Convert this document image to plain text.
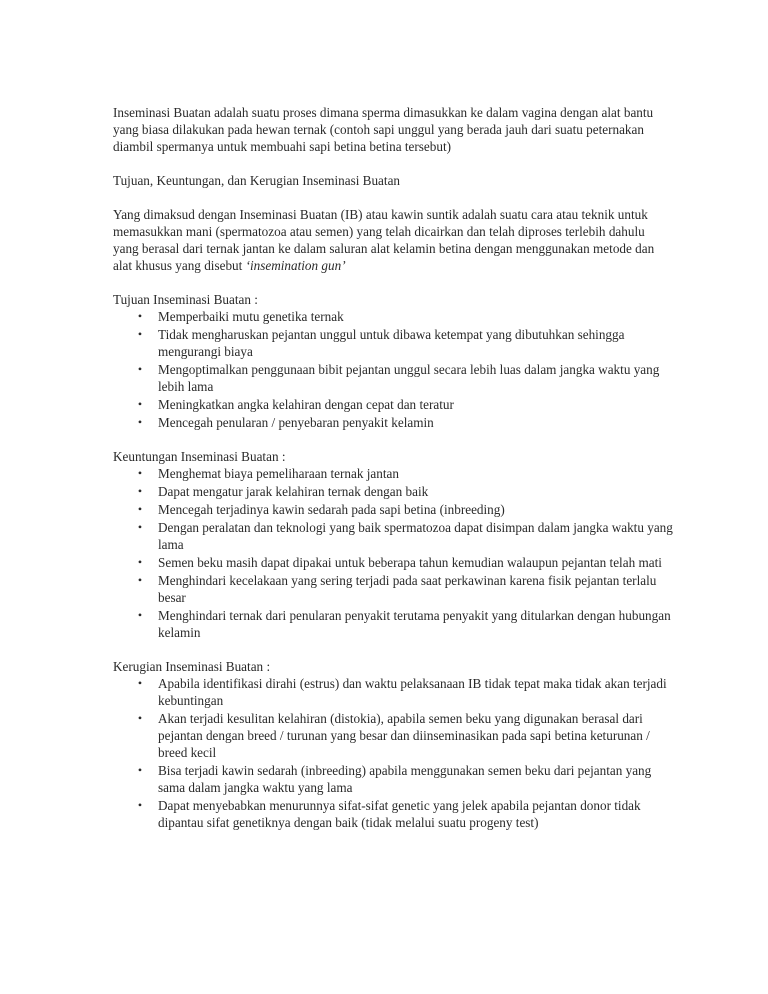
Inseminasi Buatan adalah suatu proses dimana sperma dimasukkan ke dalam vagina dengan alat bantu yang biasa dilakukan pada hewan ternak (contoh sapi unggul yang berada jauh dari suatu peternakan diambil spermanya untuk membuahi sapi betina betina tersebut)

Tujuan, Keuntungan, dan Kerugian Inseminasi Buatan

Yang dimaksud dengan Inseminasi Buatan (IB) atau kawin suntik adalah suatu cara atau teknik untuk memasukkan mani (spermatozoa atau semen) yang telah dicairkan dan telah diproses terlebih dahulu yang berasal dari ternak jantan ke dalam saluran alat kelamin betina dengan menggunakan metode dan alat khusus yang disebut ‘insemination gun’

Tujuan Inseminasi Buatan :

• Memperbaiki mutu genetika ternak
• Tidak mengharuskan pejantan unggul untuk dibawa ketempat yang dibutuhkan sehingga mengurangi biaya
• Mengoptimalkan penggunaan bibit pejantan unggul secara lebih luas dalam jangka waktu yang lebih lama
• Meningkatkan angka kelahiran dengan cepat dan teratur
• Mencegah penularan / penyebaran penyakit kelamin

Keuntungan Inseminasi Buatan :

• Menghemat biaya pemeliharaan ternak jantan
• Dapat mengatur jarak kelahiran ternak dengan baik
• Mencegah terjadinya kawin sedarah pada sapi betina (inbreeding)
• Dengan peralatan dan teknologi yang baik spermatozoa dapat disimpan dalam jangka waktu yang lama
• Semen beku masih dapat dipakai untuk beberapa tahun kemudian walaupun pejantan telah mati
• Menghindari kecelakaan yang sering terjadi pada saat perkawinan karena fisik pejantan terlalu besar
• Menghindari ternak dari penularan penyakit terutama penyakit yang ditularkan dengan hubungan kelamin

Kerugian Inseminasi Buatan :

• Apabila identifikasi dirahi (estrus) dan waktu pelaksanaan IB tidak tepat maka tidak akan terjadi kebuntingan
• Akan terjadi kesulitan kelahiran (distokia), apabila semen beku yang digunakan berasal dari pejantan dengan breed / turunan yang besar dan diinseminasikan pada sapi betina keturunan / breed kecil
• Bisa terjadi kawin sedarah (inbreeding) apabila menggunakan semen beku dari pejantan yang sama dalam jangka waktu yang lama
• Dapat menyebabkan menurunnya sifat-sifat genetic yang jelek apabila pejantan donor tidak dipantau sifat genetiknya dengan baik (tidak melalui suatu progeny test)
